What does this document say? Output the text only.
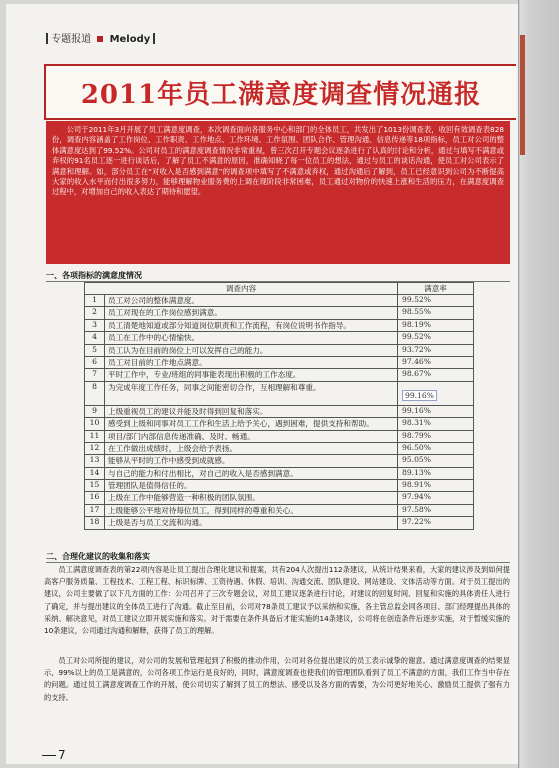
专题报道 Melody
2011年员工满意度调查情况通报
公司于2011年3月开展了员工满意度调查，本次调查面向各服务中心和部门的全体员工，共发出了1013份调查表，收回有效调查表828份，调查内容涵盖了工作岗位、工作职责、工作地点、工作环境、工作氛围、团队合作、管理沟通、信息传递等18项指标，员工对公司的整体满意度达到了99.52%。公司对员工的满意度调查情况非常重视，曾三次召开专题会议逐条进行了认真的讨论和分析，通过与填写不满意或弃权的91名员工逐一进行谈话后，了解了员工不满意的原因，准确知晓了每一位员工的想法，通过与员工的谈话沟通，使员工对公司表示了满意和理解。如，部分员工在“对收入是否感到满意”的调查项中填写了不满意或弃权，通过沟通后了解到，员工已经意识到公司为不断提高大家的收入水平而付出很多努力，能够理解物业服务费的上调在现阶段非常困难，员工通过对物价的快速上涨和生活的压力，在满意度调查过程中，对增加自己的收入表达了期待和愿望。
一、各项指标的满意度情况
调查内容		满意率
1	员工对公司的整体满意度。	99.52%
2	员工对现在的工作岗位感到满意。	98.55%
3	员工清楚地知道或部分知道岗位职责和工作流程，有岗位说明书作指导。	98.19%
4	员工在工作中的心情愉快。	99.52%
5	员工认为在目前的岗位上可以发挥自己的能力。	93.72%
6	员工对目前的工作地点满意。	97.46%
7	平时工作中，专业/班组的同事能表现出积极的工作态度。	98.67%
8	为完成年度工作任务，同事之间能密切合作，互相理解和尊重。	99.16%
9	上级重视员工的建议并能及时得到回复和落实。	99.16%
10	感受到上级和同事对员工工作和生活上给予关心，遇到困难，提供支持和帮助。	98.31%
11	项目/部门内部信息传递准确、及时、畅通。	98.79%
12	在工作做出成绩时，上级会给予表扬。	96.50%
13	能够从平时的工作中感受到成就感。	95.05%
14	与自己的能力和付出相比，对自己的收入是否感到满意。	89.13%
15	管理团队是值得信任的。	98.91%
16	上级在工作中能够营造一种积极的团队氛围。	97.94%
17	上级能够公平地对待每位员工，得到同样的尊重和关心。	97.58%
18	上级是否与员工交流和沟通。	97.22%
二、合理化建议的收集和落实
员工满意度调查表的第22项内容是让员工提出合理化建议和提案，共有204人次提出112条建议，从统计结果来看，大家的建议涉及到如何提高客户服务质量、工程技术、工程工程、标识标牌、工资待遇、休假、培训、沟通交流、团队建设、网站建设、文体活动等方面。对于员工提出的建议，公司主要做了以下几方面的工作：公司召开了三次专题会议，对员工建议逐条进行讨论，对建议的回复时间、回复和实施的具体责任人进行了确定，并与提出建议的全体员工进行了沟通。截止至目前，公司对78条员工建议予以采纳和实施，各主管总监会同各项目、部门经理提出具体的采纳、解决意见，对员工建议立即开展实施和落实。对于需要在条件具备后才能实施的14条建议，公司将在创造条件后逐步实施，对于暂缓实施的10条建议，公司通过沟通和解释，获得了员工的理解。
员工对公司所提的建议，对公司的发展和管理起到了积极的推动作用，公司对各位提出建议的员工表示诚挚的谢意。通过满意度调查的结果显示，99%以上的员工是满意的，公司各项工作运行是良好的，同时，满意度调查也使我们的管理团队看到了员工不满意的方面，我们工作当中存在的问题。通过员工满意度调查工作的开展，使公司切实了解到了员工的想法、感受以及各方面的需要，为公司更好地关心、激励员工提供了强有力的支持。
7
